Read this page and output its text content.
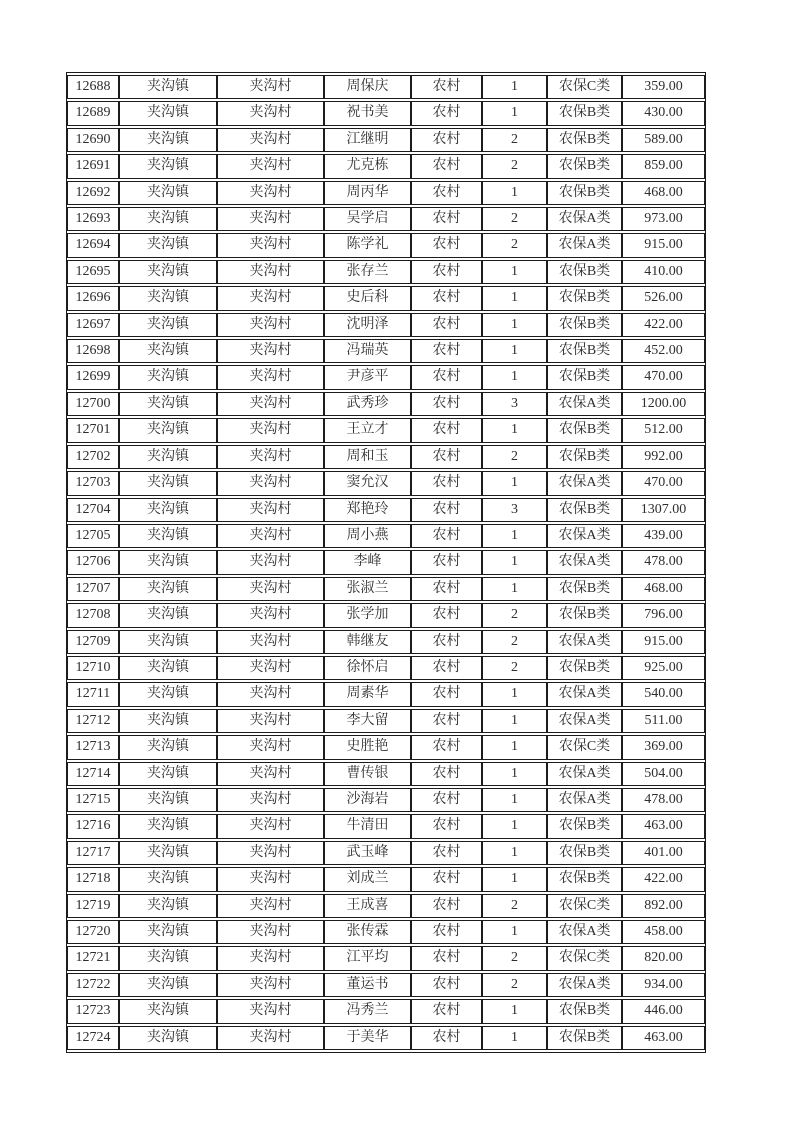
12688	夹沟镇	夹沟村	周保庆	农村	1	农保C类	359.00
12689	夹沟镇	夹沟村	祝书美	农村	1	农保B类	430.00
12690	夹沟镇	夹沟村	江继明	农村	2	农保B类	589.00
12691	夹沟镇	夹沟村	尤克栋	农村	2	农保B类	859.00
12692	夹沟镇	夹沟村	周丙华	农村	1	农保B类	468.00
12693	夹沟镇	夹沟村	吴学启	农村	2	农保A类	973.00
12694	夹沟镇	夹沟村	陈学礼	农村	2	农保A类	915.00
12695	夹沟镇	夹沟村	张存兰	农村	1	农保B类	410.00
12696	夹沟镇	夹沟村	史后科	农村	1	农保B类	526.00
12697	夹沟镇	夹沟村	沈明泽	农村	1	农保B类	422.00
12698	夹沟镇	夹沟村	冯瑞英	农村	1	农保B类	452.00
12699	夹沟镇	夹沟村	尹彦平	农村	1	农保B类	470.00
12700	夹沟镇	夹沟村	武秀珍	农村	3	农保A类	1200.00
12701	夹沟镇	夹沟村	王立才	农村	1	农保B类	512.00
12702	夹沟镇	夹沟村	周和玉	农村	2	农保B类	992.00
12703	夹沟镇	夹沟村	窦允汉	农村	1	农保A类	470.00
12704	夹沟镇	夹沟村	郑艳玲	农村	3	农保B类	1307.00
12705	夹沟镇	夹沟村	周小燕	农村	1	农保A类	439.00
12706	夹沟镇	夹沟村	李峰	农村	1	农保A类	478.00
12707	夹沟镇	夹沟村	张淑兰	农村	1	农保B类	468.00
12708	夹沟镇	夹沟村	张学加	农村	2	农保B类	796.00
12709	夹沟镇	夹沟村	韩继友	农村	2	农保A类	915.00
12710	夹沟镇	夹沟村	徐怀启	农村	2	农保B类	925.00
12711	夹沟镇	夹沟村	周素华	农村	1	农保A类	540.00
12712	夹沟镇	夹沟村	李大留	农村	1	农保A类	511.00
12713	夹沟镇	夹沟村	史胜艳	农村	1	农保C类	369.00
12714	夹沟镇	夹沟村	曹传银	农村	1	农保A类	504.00
12715	夹沟镇	夹沟村	沙海岩	农村	1	农保A类	478.00
12716	夹沟镇	夹沟村	牛清田	农村	1	农保B类	463.00
12717	夹沟镇	夹沟村	武玉峰	农村	1	农保B类	401.00
12718	夹沟镇	夹沟村	刘成兰	农村	1	农保B类	422.00
12719	夹沟镇	夹沟村	王成喜	农村	2	农保C类	892.00
12720	夹沟镇	夹沟村	张传霖	农村	1	农保A类	458.00
12721	夹沟镇	夹沟村	江平均	农村	2	农保C类	820.00
12722	夹沟镇	夹沟村	董运书	农村	2	农保A类	934.00
12723	夹沟镇	夹沟村	冯秀兰	农村	1	农保B类	446.00
12724	夹沟镇	夹沟村	于美华	农村	1	农保B类	463.00
